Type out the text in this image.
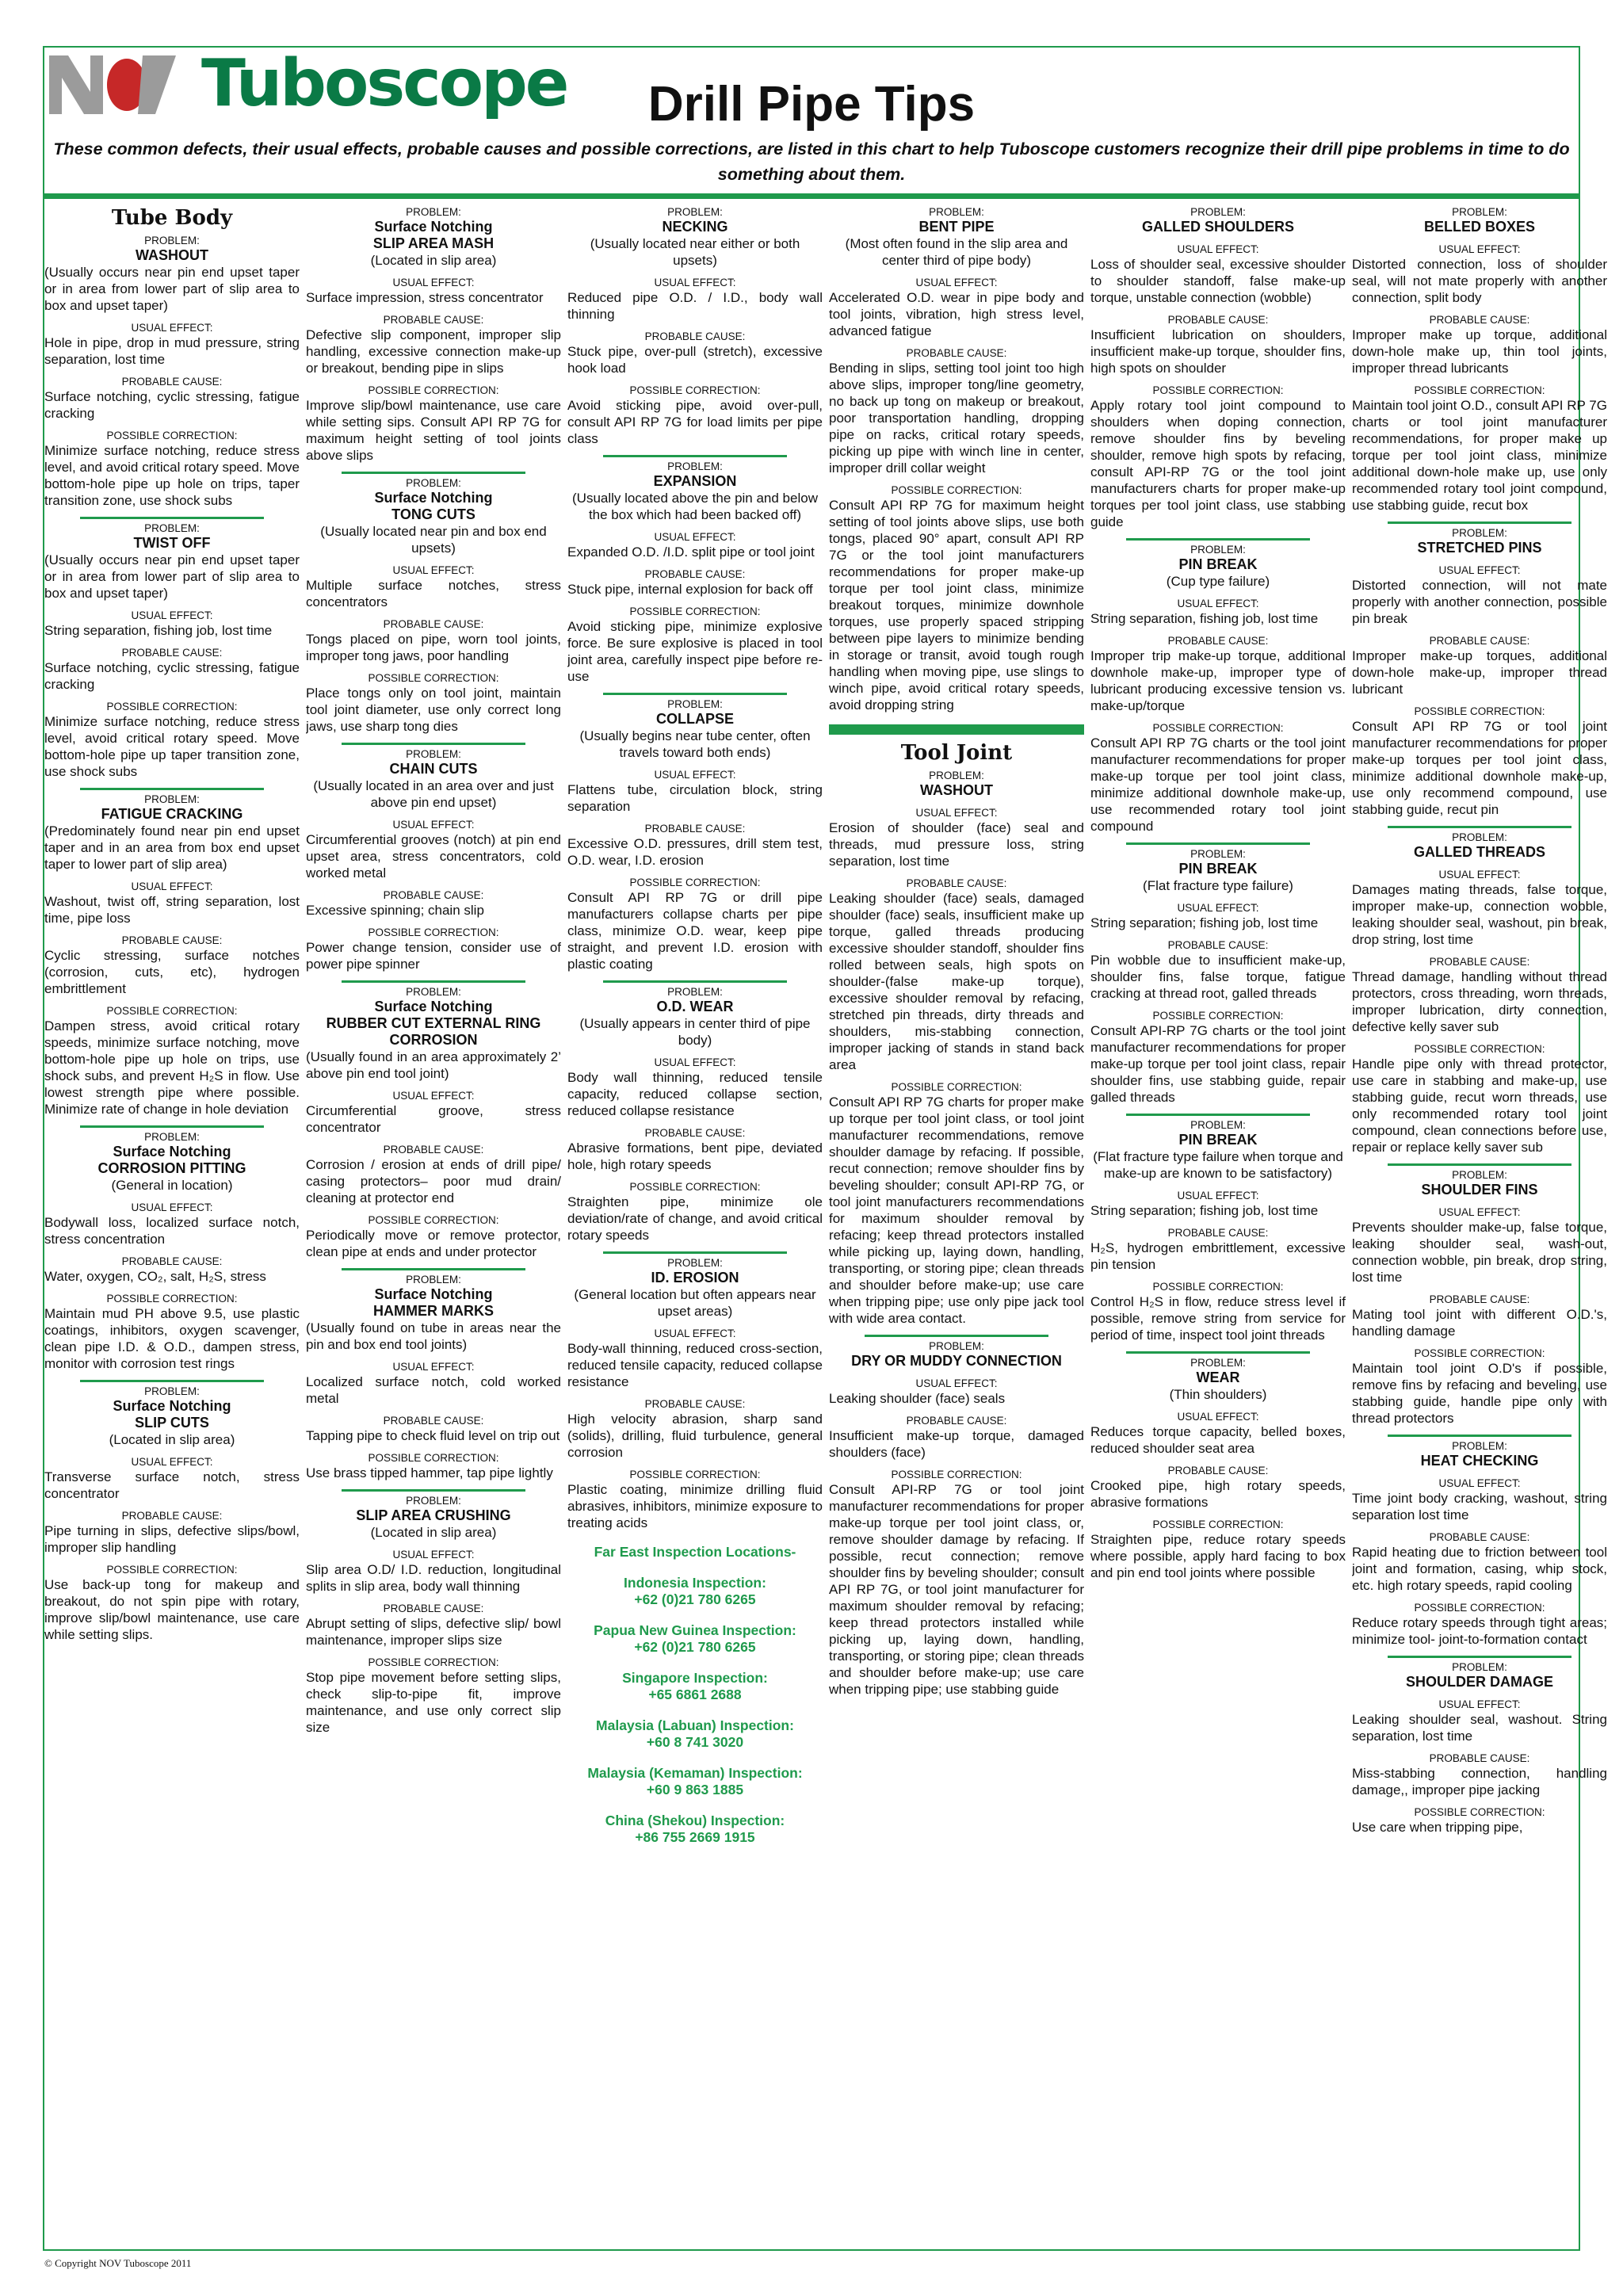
Tuboscope	Drill Pipe Tips
These common defects, their usual effects, probable causes and possible corrections, are listed in this chart to help Tuboscope customers recognize their drill pipe problems in time to do something about them.
Tube Body
PROBLEM:
WASHOUT
(Usually occurs near pin end upset taper or in area from lower part of slip area to box and upset taper)
USUAL EFFECT:
Hole in pipe, drop in mud pressure, string separation, lost time
PROBABLE CAUSE:
Surface notching, cyclic stressing, fatigue cracking
POSSIBLE CORRECTION:
Minimize surface notching, reduce stress level, and avoid critical rotary speed. Move bottom-hole pipe up hole on trips, taper transition zone, use shock subs
PROBLEM:
TWIST OFF
(Usually occurs near pin end upset taper or in area from lower part of slip area to box and upset taper)
USUAL EFFECT:
String separation, fishing job, lost time
PROBABLE CAUSE:
Surface notching, cyclic stressing, fatigue cracking
POSSIBLE CORRECTION:
Minimize surface notching, reduce stress level, avoid critical rotary speed. Move bottom-hole pipe up taper transition zone, use shock subs
PROBLEM:
FATIGUE CRACKING
(Predominately found near pin end upset taper and in an area from box end upset taper to lower part of slip area)
USUAL EFFECT:
Washout, twist off, string separation, lost time, pipe loss
PROBABLE CAUSE:
Cyclic stressing, surface notches (corrosion, cuts, etc), hydrogen embrittlement
POSSIBLE CORRECTION:
Dampen stress, avoid critical rotary speeds, minimize surface notching, move bottom-hole pipe up hole on trips, use shock subs, and prevent H₂S in flow. Use lowest strength pipe where possible. Minimize rate of change in hole deviation
PROBLEM:
Surface Notching
CORROSION PITTING
(General in location)
USUAL EFFECT:
Bodywall loss, localized surface notch, stress concentration
PROBABLE CAUSE:
Water, oxygen, CO₂, salt, H₂S, stress
POSSIBLE CORRECTION:
Maintain mud PH above 9.5, use plastic coatings, inhibitors, oxygen scavenger, clean pipe I.D. & O.D., dampen stress, monitor with corrosion test rings
PROBLEM:
Surface Notching
SLIP CUTS
(Located in slip area)
USUAL EFFECT:
Transverse surface notch, stress concentrator
PROBABLE CAUSE:
Pipe turning in slips, defective slips/bowl, improper slip handling
POSSIBLE CORRECTION:
Use back-up tong for makeup and breakout, do not spin pipe with rotary, improve slip/bowl maintenance, use care while setting slips.
PROBLEM:
Surface Notching
SLIP AREA MASH
(Located in slip area)
USUAL EFFECT:
Surface impression, stress concentrator
PROBABLE CAUSE:
Defective slip component, improper slip handling, excessive connection make-up or breakout, bending pipe in slips
POSSIBLE CORRECTION:
Improve slip/bowl maintenance, use care while setting sips. Consult API RP 7G for maximum height setting of tool joints above slips
PROBLEM:
Surface Notching
TONG CUTS
(Usually located near pin and box end upsets)
USUAL EFFECT:
Multiple surface notches, stress concentrators
PROBABLE CAUSE:
Tongs placed on pipe, worn tool joints, improper tong jaws, poor handling
POSSIBLE CORRECTION:
Place tongs only on tool joint, maintain tool joint diameter, use only correct long jaws, use sharp tong dies
PROBLEM:
CHAIN CUTS
(Usually located in an area over and just above pin end upset)
USUAL EFFECT:
Circumferential grooves (notch) at pin end upset area, stress concentrators, cold worked metal
PROBABLE CAUSE:
Excessive spinning; chain slip
POSSIBLE CORRECTION:
Power change tension, consider use of power pipe spinner
PROBLEM:
Surface Notching
RUBBER CUT EXTERNAL RING CORROSION
(Usually found in an area approximately 2’ above pin end tool joint)
USUAL EFFECT:
Circumferential groove, stress concentrator
PROBABLE CAUSE:
Corrosion / erosion at ends of drill pipe/ casing protectors– poor mud drain/ cleaning at protector end
POSSIBLE CORRECTION:
Periodically move or remove protector, clean pipe at ends and under protector
PROBLEM:
Surface Notching
HAMMER MARKS
(Usually found on tube in areas near the pin and box end tool joints)
USUAL EFFECT:
Localized surface notch, cold worked metal
PROBABLE CAUSE:
Tapping pipe to check fluid level on trip out
POSSIBLE CORRECTION:
Use brass tipped hammer, tap pipe lightly
PROBLEM:
SLIP AREA CRUSHING
(Located in slip area)
USUAL EFFECT:
Slip area O.D/ I.D. reduction, longitudinal splits in slip area, body wall thinning
PROBABLE CAUSE:
Abrupt setting of slips, defective slip/ bowl maintenance, improper slips size
POSSIBLE CORRECTION:
Stop pipe movement before setting slips, check slip-to-pipe fit, improve maintenance, and use only correct slip size
PROBLEM:
NECKING
(Usually located near either or both upsets)
USUAL EFFECT:
Reduced pipe O.D. / I.D., body wall thinning
PROBABLE CAUSE:
Stuck pipe, over-pull (stretch), excessive hook load
POSSIBLE CORRECTION:
Avoid sticking pipe, avoid over-pull, consult API RP 7G for load limits per pipe class
PROBLEM:
EXPANSION
(Usually located above the pin and below the box which had been backed off)
USUAL EFFECT:
Expanded O.D. /I.D. split pipe or tool joint
PROBABLE CAUSE:
Stuck pipe, internal explosion for back off
POSSIBLE CORRECTION:
Avoid sticking pipe, minimize explosive force. Be sure explosive is placed in tool joint area, carefully inspect pipe before re-use
PROBLEM:
COLLAPSE
(Usually begins near tube center, often travels toward both ends)
USUAL EFFECT:
Flattens tube, circulation block, string separation
PROBABLE CAUSE:
Excessive O.D. pressures, drill stem test, O.D. wear, I.D. erosion
POSSIBLE CORRECTION:
Consult API RP 7G or drill pipe manufacturers collapse charts per pipe class, minimize O.D. wear, keep pipe straight, and prevent I.D. erosion with plastic coating
PROBLEM:
O.D. WEAR
(Usually appears in center third of pipe body)
USUAL EFFECT:
Body wall thinning, reduced tensile capacity, reduced collapse section, reduced collapse resistance
PROBABLE CAUSE:
Abrasive formations, bent pipe, deviated hole, high rotary speeds
POSSIBLE CORRECTION:
Straighten pipe, minimize ole deviation/rate of change, and avoid critical rotary speeds
PROBLEM:
ID. EROSION
(General location but often appears near upset areas)
USUAL EFFECT:
Body-wall thinning, reduced cross-section, reduced tensile capacity, reduced collapse resistance
PROBABLE CAUSE:
High velocity abrasion, sharp sand (solids), drilling, fluid turbulence, general corrosion
POSSIBLE CORRECTION:
Plastic coating, minimize drilling fluid abrasives, inhibitors, minimize exposure to treating acids
Far East Inspection Locations-
Indonesia Inspection:
+62 (0)21 780 6265
Papua New Guinea Inspection:
+62 (0)21 780 6265
Singapore Inspection:
+65 6861 2688
Malaysia (Labuan) Inspection:
+60 8 741 3020
Malaysia (Kemaman) Inspection:
+60 9 863 1885
China (Shekou) Inspection:
+86 755 2669 1915
PROBLEM:
BENT PIPE
(Most often found in the slip area and center third of pipe body)
USUAL EFFECT:
Accelerated O.D. wear in pipe body and tool joints, vibration, high stress level, advanced fatigue
PROBABLE CAUSE:
Bending in slips, setting tool joint too high above slips, improper tong/line geometry, no back up tong on makeup or breakout, poor transportation handling, dropping pipe on racks, critical rotary speeds, picking up pipe with winch line in center, improper drill collar weight
POSSIBLE CORRECTION:
Consult API RP 7G for maximum height setting of tool joints above slips, use both tongs, placed 90° apart, consult API RP 7G or the tool joint manufacturers recommendations for proper make-up torque per tool joint class, minimize breakout torques, minimize downhole torques, use properly spaced stripping between pipe layers to minimize bending in storage or transit, avoid tough rough handling when moving pipe, use slings to winch pipe, avoid critical rotary speeds, avoid dropping string
Tool Joint
PROBLEM:
WASHOUT
USUAL EFFECT:
Erosion of shoulder (face) seal and threads, mud pressure loss, string separation, lost time
PROBABLE CAUSE:
Leaking shoulder (face) seals, damaged shoulder (face) seals, insufficient make up torque, galled threads producing excessive shoulder standoff, shoulder fins rolled between seals, high spots on shoulder-(false make-up torque), excessive shoulder removal by refacing, stretched pin threads, dirty threads and shoulders, mis-stabbing connection, improper jacking of stands in stand back area
POSSIBLE CORRECTION:
Consult API RP 7G charts for proper make up torque per tool joint class, or tool joint manufacturer recommendations, remove shoulder damage by refacing. If possible, recut connection; remove shoulder fins by beveling shoulder; consult API-RP 7G, or tool joint manufacturers recommendations for maximum shoulder removal by refacing; keep thread protectors installed while picking up, laying down, handling, transporting, or storing pipe; clean threads and shoulder before make-up; use care when tripping pipe; use only pipe jack tool with wide area contact.
PROBLEM:
DRY OR MUDDY CONNECTION
USUAL EFFECT:
Leaking shoulder (face) seals
PROBABLE CAUSE:
Insufficient make-up torque, damaged shoulders (face)
POSSIBLE CORRECTION:
Consult API-RP 7G or tool joint manufacturer recommendations for proper make-up torque per tool joint class, or, remove shoulder damage by refacing. If possible, recut connection; remove shoulder fins by beveling shoulder; consult API RP 7G, or tool joint manufacturer for maximum shoulder removal by refacing; keep thread protectors installed while picking up, laying down, handling, transporting, or storing pipe; clean threads and shoulder before make-up; use care when tripping pipe; use stabbing guide
PROBLEM:
GALLED SHOULDERS
USUAL EFFECT:
Loss of shoulder seal, excessive shoulder to shoulder standoff, false make-up torque, unstable connection (wobble)
PROBABLE CAUSE:
Insufficient lubrication on shoulders, insufficient make-up torque, shoulder fins, high spots on shoulder
POSSIBLE CORRECTION:
Apply rotary tool joint compound to shoulders when doping connection, remove shoulder fins by beveling shoulder, remove high spots by refacing, consult API-RP 7G or the tool joint manufacturers charts for proper make-up torques per tool joint class, use stabbing guide
PROBLEM:
PIN BREAK
(Cup type failure)
USUAL EFFECT:
String separation, fishing job, lost time
PROBABLE CAUSE:
Improper trip make-up torque, additional downhole make-up, improper type of lubricant producing excessive tension vs. make-up/torque
POSSIBLE CORRECTION:
Consult API RP 7G charts or the tool joint manufacturer recommendations for proper make-up torque per tool joint class, minimize additional downhole make-up, use recommended rotary tool joint compound
PROBLEM:
PIN BREAK
(Flat fracture type failure)
USUAL EFFECT:
String separation; fishing job, lost time
PROBABLE CAUSE:
Pin wobble due to insufficient make-up, shoulder fins, false torque, fatigue cracking at thread root, galled threads
POSSIBLE CORRECTION:
Consult API-RP 7G charts or the tool joint manufacturer recommendations for proper make-up torque per tool joint class, repair shoulder fins, use stabbing guide, repair galled threads
PROBLEM:
PIN BREAK
(Flat fracture type failure when torque and make-up are known to be satisfactory)
USUAL EFFECT:
String separation; fishing job, lost time
PROBABLE CAUSE:
H₂S, hydrogen embrittlement, excessive pin tension
POSSIBLE CORRECTION:
Control H₂S in flow, reduce stress level if possible, remove string from service for period of time, inspect tool joint threads
PROBLEM:
WEAR
(Thin shoulders)
USUAL EFFECT:
Reduces torque capacity, belled boxes, reduced shoulder seat area
PROBABLE CAUSE:
Crooked pipe, high rotary speeds, abrasive formations
POSSIBLE CORRECTION:
Straighten pipe, reduce rotary speeds where possible, apply hard facing to box and pin end tool joints where possible
PROBLEM:
BELLED BOXES
USUAL EFFECT:
Distorted connection, loss of shoulder seal, will not mate properly with another connection, split body
PROBABLE CAUSE:
Improper make up torque, additional down-hole make up, thin tool joints, improper thread lubricants
POSSIBLE CORRECTION:
Maintain tool joint O.D., consult API RP 7G charts or tool joint manufacturer recommendations, for proper make up torque per tool joint class, minimize additional down-hole make up, use only recommended rotary tool joint compound, use stabbing guide, recut box
PROBLEM:
STRETCHED PINS
USUAL EFFECT:
Distorted connection, will not mate properly with another connection, possible pin break
PROBABLE CAUSE:
Improper make-up torques, additional down-hole make-up, improper thread lubricant
POSSIBLE CORRECTION:
Consult API RP 7G or tool joint manufacturer recommendations for proper make-up torques per tool joint class, minimize additional downhole make-up, use only recommend compound, use stabbing guide, recut pin
PROBLEM:
GALLED THREADS
USUAL EFFECT:
Damages mating threads, false torque, improper make-up, connection wobble, leaking shoulder seal, washout, pin break, drop string, lost time
PROBABLE CAUSE:
Thread damage, handling without thread protectors, cross threading, worn threads, improper lubrication, dirty connection, defective kelly saver sub
POSSIBLE CORRECTION:
Handle pipe only with thread protector, use care in stabbing and make-up, use stabbing guide, recut worn threads, use only recommended rotary tool joint compound, clean connections before use, repair or replace kelly saver sub
PROBLEM:
SHOULDER FINS
USUAL EFFECT:
Prevents shoulder make-up, false torque, leaking shoulder seal, wash-out, connection wobble, pin break, drop string, lost time
PROBABLE CAUSE:
Mating tool joint with different O.D.'s, handling damage
POSSIBLE CORRECTION:
Maintain tool joint O.D's if possible, remove fins by refacing and beveling, use stabbing guide, handle pipe only with thread protectors
PROBLEM:
HEAT CHECKING
USUAL EFFECT:
Time joint body cracking, washout, string separation lost time
PROBABLE CAUSE:
Rapid heating due to friction between tool joint and formation, casing, whip stock, etc. high rotary speeds, rapid cooling
POSSIBLE CORRECTION:
Reduce rotary speeds through tight areas; minimize tool- joint-to-formation contact
PROBLEM:
SHOULDER DAMAGE
USUAL EFFECT:
Leaking shoulder seal, washout. String separation, lost time
PROBABLE CAUSE:
Miss-stabbing connection, handling damage,, improper pipe jacking
POSSIBLE CORRECTION:
Use care when tripping pipe,
© Copyright NOV Tuboscope 2011
